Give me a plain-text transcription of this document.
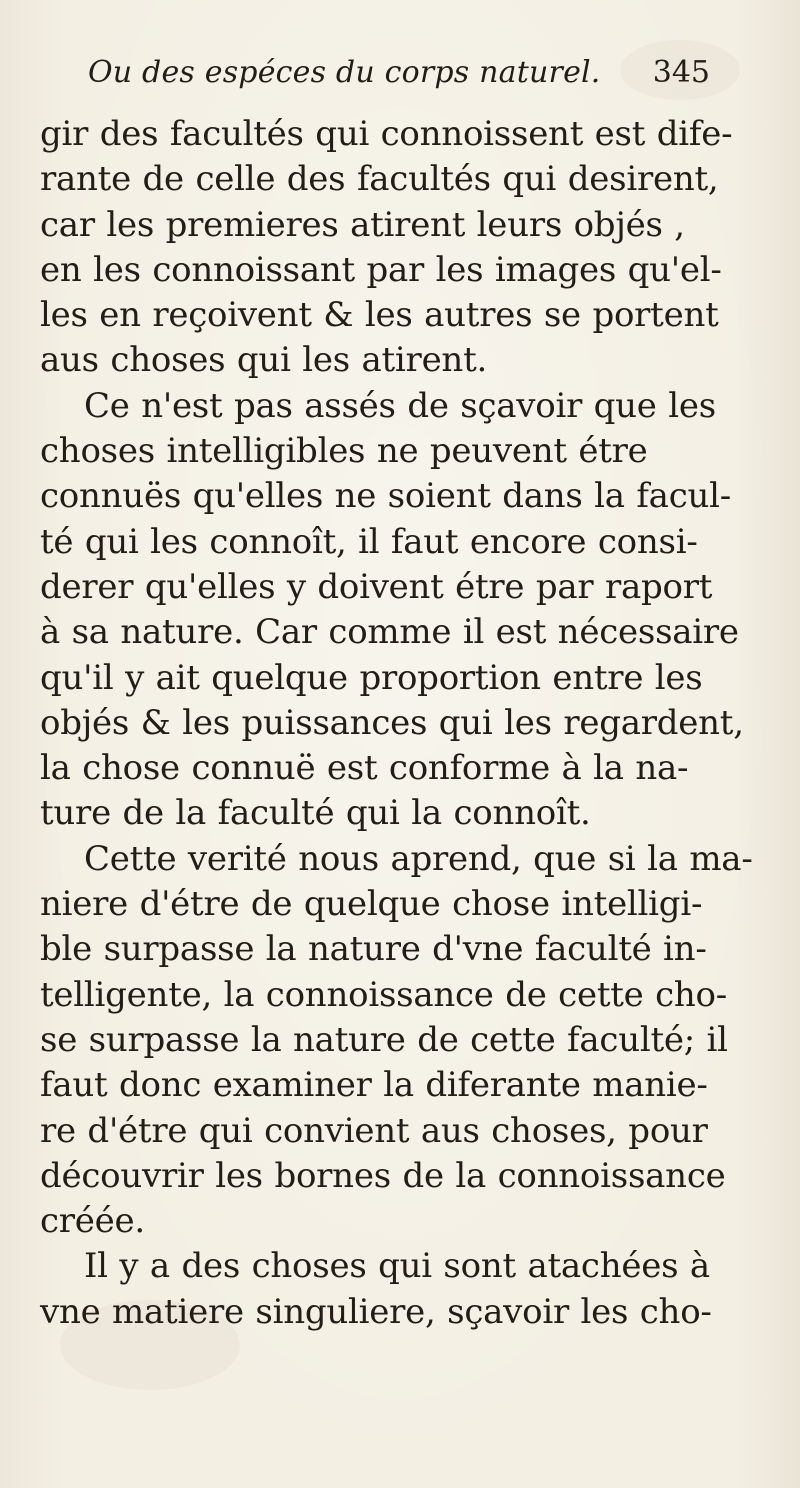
Ou des espéces du corps naturel. 345
gir des facultés qui connoissent est dife-
rante de celle des facultés qui desirent,
car les premieres atirent leurs objés ,
en les connoissant par les images qu'el-
les en reçoivent & les autres se portent
aus choses qui les atirent.
Ce n'est pas assés de sçavoir que les
choses intelligibles ne peuvent étre
connuës qu'elles ne soient dans la facul-
té qui les connoît, il faut encore consi-
derer qu'elles y doivent étre par raport
à sa nature. Car comme il est nécessaire
qu'il y ait quelque proportion entre les
objés & les puissances qui les regardent,
la chose connuë est conforme à la na-
ture de la faculté qui la connoît.
Cette verité nous aprend, que si la ma-
niere d'étre de quelque chose intelligi-
ble surpasse la nature d'vne faculté in-
telligente, la connoissance de cette cho-
se surpasse la nature de cette faculté; il
faut donc examiner la diferante manie-
re d'étre qui convient aus choses, pour
découvrir les bornes de la connoissance
créée.
Il y a des choses qui sont atachées à
vne matiere singuliere, sçavoir les cho-
